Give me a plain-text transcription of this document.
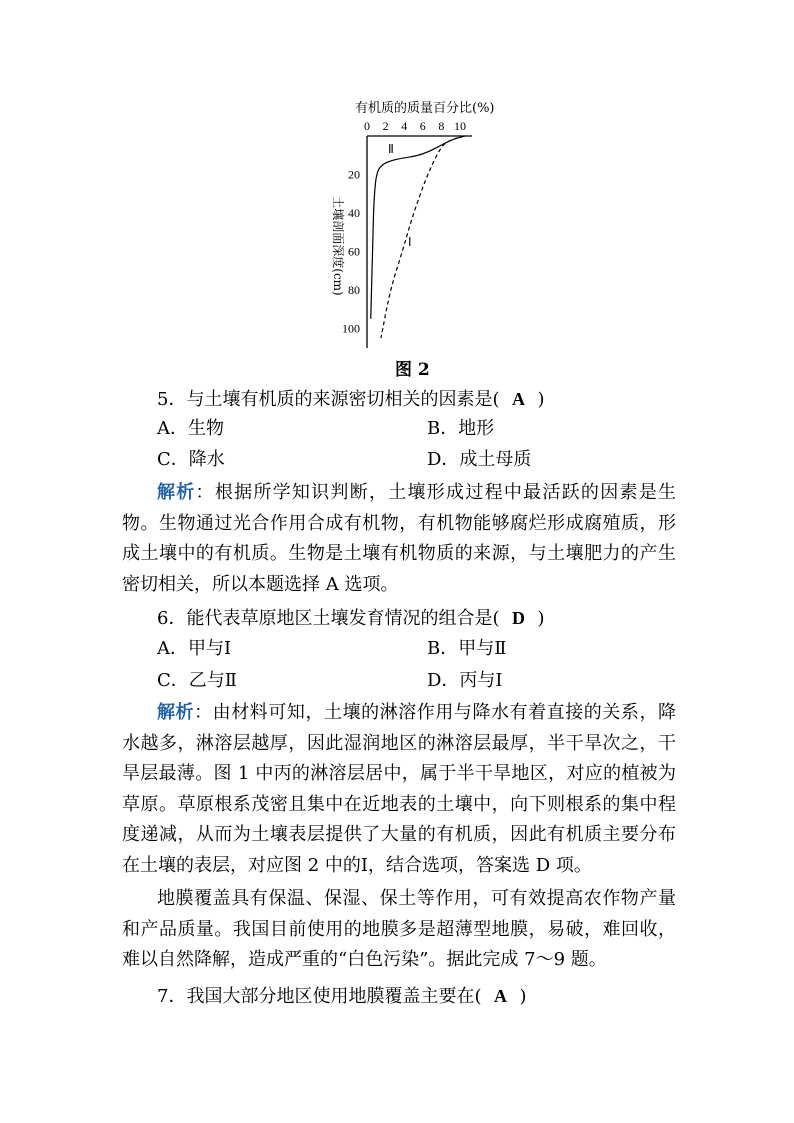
有机质的质量百分比(%)
土壤剖面深度(cm)
0 2 4 6 8 10
20
40
60
80
100
Ⅱ
Ⅰ
图 2
5．与土壤有机质的来源密切相关的因素是( A )
A．生物	B．地形
C．降水	D．成土母质
解析：根据所学知识判断，土壤形成过程中最活跃的因素是生物。生物通过光合作用合成有机物，有机物能够腐烂形成腐殖质，形成土壤中的有机质。生物是土壤有机物质的来源，与土壤肥力的产生密切相关，所以本题选择 A 选项。
6．能代表草原地区土壤发育情况的组合是( D )
A．甲与Ⅰ	B．甲与Ⅱ
C．乙与Ⅱ	D．丙与Ⅰ
解析：由材料可知，土壤的淋溶作用与降水有着直接的关系，降水越多，淋溶层越厚，因此湿润地区的淋溶层最厚，半干旱次之，干旱层最薄。图 1 中丙的淋溶层居中，属于半干旱地区，对应的植被为草原。草原根系茂密且集中在近地表的土壤中，向下则根系的集中程度递减，从而为土壤表层提供了大量的有机质，因此有机质主要分布在土壤的表层，对应图 2 中的Ⅰ，结合选项，答案选 D 项。
地膜覆盖具有保温、保湿、保土等作用，可有效提高农作物产量和产品质量。我国目前使用的地膜多是超薄型地膜，易破，难回收，难以自然降解，造成严重的“白色污染”。据此完成 7～9 题。
7．我国大部分地区使用地膜覆盖主要在( A )
